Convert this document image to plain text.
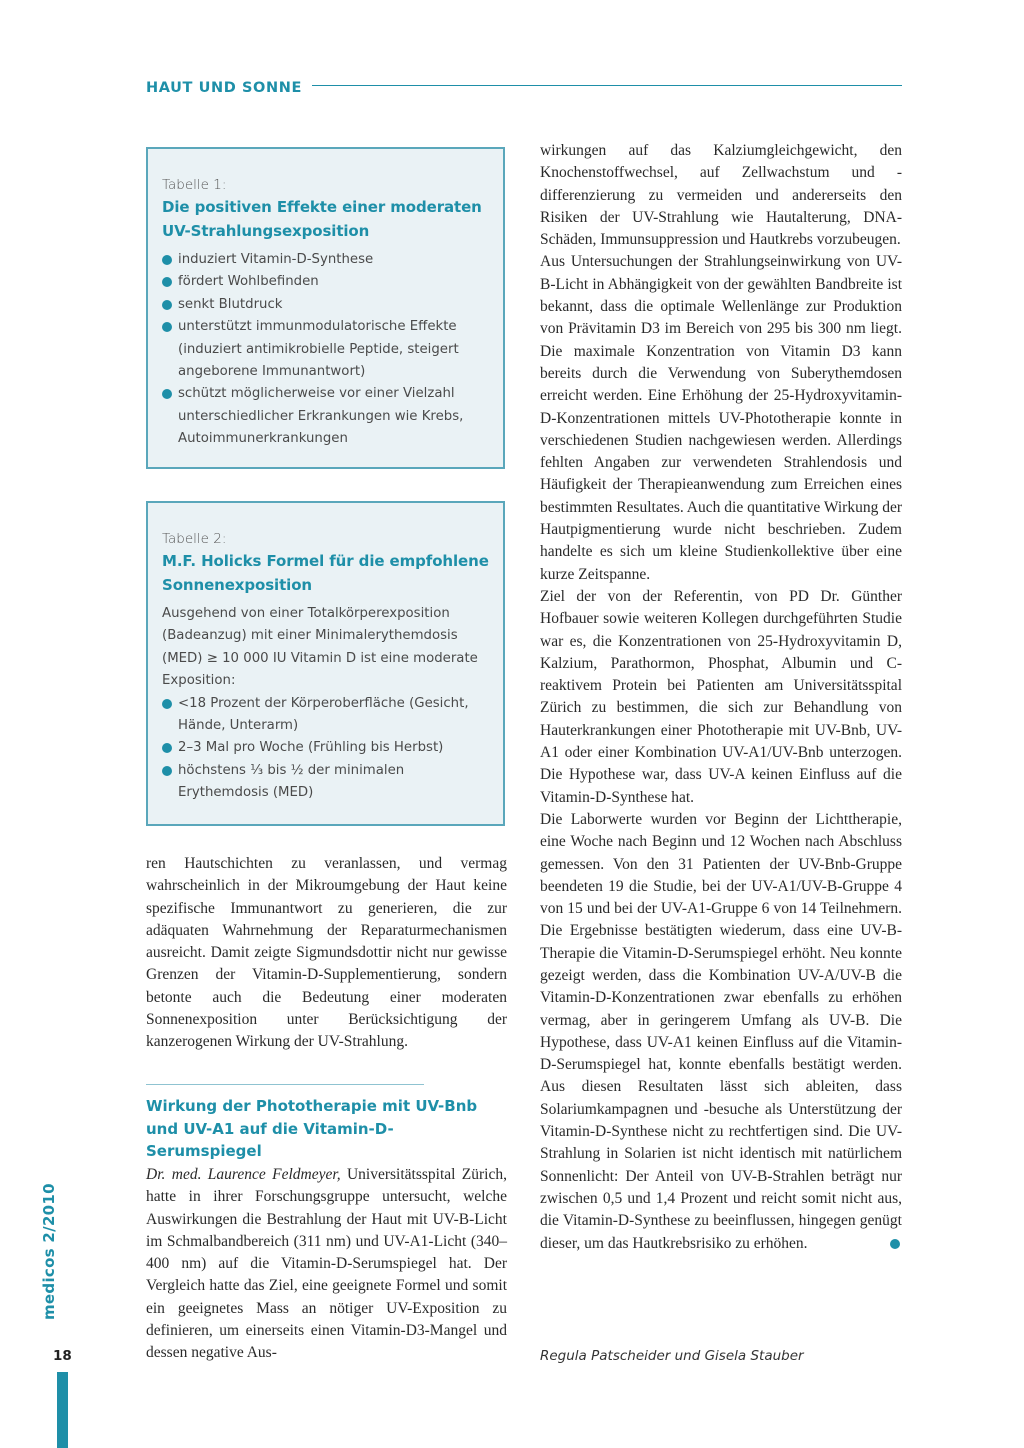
HAUT UND SONNE
Tabelle 1:
Die positiven Effekte einer moderaten UV-Strahlungsexposition
induziert Vitamin-D-Synthese
fördert Wohlbefinden
senkt Blutdruck
unterstützt immunmodulatorische Effekte (induziert antimikrobielle Peptide, steigert angeborene Immunantwort)
schützt möglicherweise vor einer Vielzahl unterschiedlicher Erkrankungen wie Krebs, Autoimmunerkrankungen
Tabelle 2:
M.F. Holicks Formel für die empfohlene Sonnenexposition
Ausgehend von einer Totalkörperexposition (Badeanzug) mit einer Minimalerythemdosis (MED) ≥ 10 000 IU Vitamin D ist eine moderate Exposition:
<18 Prozent der Körperoberfläche (Gesicht, Hände, Unterarm)
2–3 Mal pro Woche (Frühling bis Herbst)
höchstens ⅓ bis ½ der minimalen Erythemdosis (MED)

ren Hautschichten zu veranlassen, und vermag wahrscheinlich in der Mikroumgebung der Haut keine spezifische Immunantwort zu generieren, die zur adäquaten Wahrnehmung der Reparaturmechanismen ausreicht. Damit zeigte Sigmundsdottir nicht nur gewisse Grenzen der Vitamin-D-Supplementierung, sondern betonte auch die Bedeutung einer moderaten Sonnenexposition unter Berücksichtigung der kanzerogenen Wirkung der UV-Strahlung.

Wirkung der Phototherapie mit UV-Bnb und UV-A1 auf die Vitamin-D-Serumspiegel

Dr. med. Laurence Feldmeyer, Universitätsspital Zürich, hatte in ihrer Forschungsgruppe untersucht, welche Auswirkungen die Bestrahlung der Haut mit UV-B-Licht im Schmalbandbereich (311 nm) und UV-A1-Licht (340–400 nm) auf die Vitamin-D-Serumspiegel hat. Der Vergleich hatte das Ziel, eine geeignete Formel und somit ein geeignetes Mass an nötiger UV-Exposition zu definieren, um einerseits einen Vitamin-D3-Mangel und dessen negative Aus-

wirkungen auf das Kalziumgleichgewicht, den Knochenstoffwechsel, auf Zellwachstum und -differenzierung zu vermeiden und andererseits den Risiken der UV-Strahlung wie Hautalterung, DNA-Schäden, Immunsuppression und Hautkrebs vorzubeugen.

Aus Untersuchungen der Strahlungseinwirkung von UV-B-Licht in Abhängigkeit von der gewählten Bandbreite ist bekannt, dass die optimale Wellenlänge zur Produktion von Prävitamin D3 im Bereich von 295 bis 300 nm liegt. Die maximale Konzentration von Vitamin D3 kann bereits durch die Verwendung von Suberythemdosen erreicht werden. Eine Erhöhung der 25-Hydroxyvitamin-D-Konzentrationen mittels UV-Phototherapie konnte in verschiedenen Studien nachgewiesen werden. Allerdings fehlten Angaben zur verwendeten Strahlendosis und Häufigkeit der Therapieanwendung zum Erreichen eines bestimmten Resultates. Auch die quantitative Wirkung der Hautpigmentierung wurde nicht beschrieben. Zudem handelte es sich um kleine Studienkollektive über eine kurze Zeitspanne.

Ziel der von der Referentin, von PD Dr. Günther Hofbauer sowie weiteren Kollegen durchgeführten Studie war es, die Konzentrationen von 25-Hydroxyvitamin D, Kalzium, Parathormon, Phosphat, Albumin und C-reaktivem Protein bei Patienten am Universitätsspital Zürich zu bestimmen, die sich zur Behandlung von Hauterkrankungen einer Phototherapie mit UV-Bnb, UV-A1 oder einer Kombination UV-A1/UV-Bnb unterzogen. Die Hypothese war, dass UV-A keinen Einfluss auf die Vitamin-D-Synthese hat.

Die Laborwerte wurden vor Beginn der Lichttherapie, eine Woche nach Beginn und 12 Wochen nach Abschluss gemessen. Von den 31 Patienten der UV-Bnb-Gruppe beendeten 19 die Studie, bei der UV-A1/UV-B-Gruppe 4 von 15 und bei der UV-A1-Gruppe 6 von 14 Teilnehmern. Die Ergebnisse bestätigten wiederum, dass eine UV-B-Therapie die Vitamin-D-Serumspiegel erhöht. Neu konnte gezeigt werden, dass die Kombination UV-A/UV-B die Vitamin-D-Konzentrationen zwar ebenfalls zu erhöhen vermag, aber in geringerem Umfang als UV-B. Die Hypothese, dass UV-A1 keinen Einfluss auf die Vitamin-D-Serumspiegel hat, konnte ebenfalls bestätigt werden. Aus diesen Resultaten lässt sich ableiten, dass Solariumkampagnen und -besuche als Unterstützung der Vitamin-D-Synthese nicht zu rechtfertigen sind. Die UV-Strahlung in Solarien ist nicht identisch mit natürlichem Sonnenlicht: Der Anteil von UV-B-Strahlen beträgt nur zwischen 0,5 und 1,4 Prozent und reicht somit nicht aus, die Vitamin-D-Synthese zu beeinflussen, hingegen genügt dieser, um das Hautkrebsrisiko zu erhöhen.

Regula Patscheider und Gisela Stauber
medicos 2/2010
18
